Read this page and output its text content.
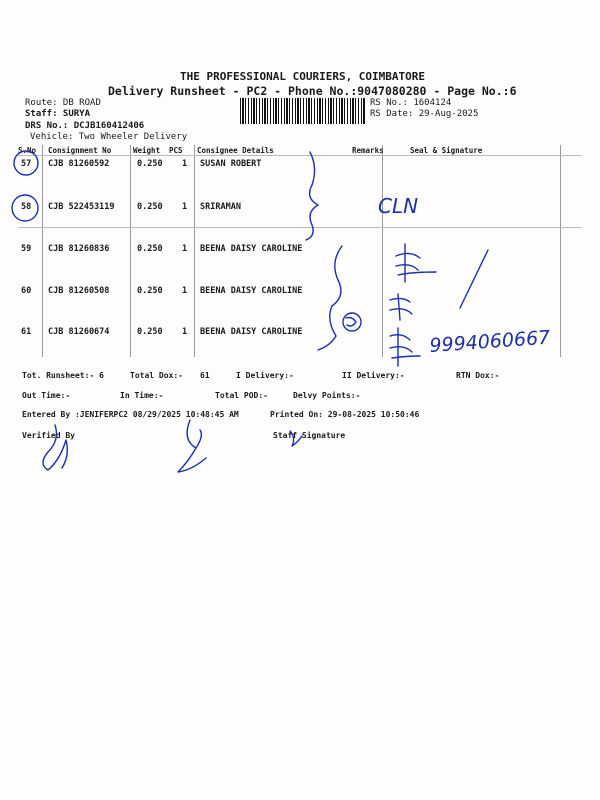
THE PROFESSIONAL COURIERS, COIMBATORE
Delivery Runsheet - PC2 - Phone No.:9047080280 - Page No.:6
Route: DB ROAD
Staff: SURYA
DRS No.: DCJB160412406
Vehicle: Two Wheeler Delivery
RS No.: 1604124
RS Date: 29-Aug-2025
S.No Consignment No	Weight PCS Consignee Details	Remarks	Seal & Signature
57 CJB 81260592	0.250 1 SUSAN ROBERT
58 CJB 522453119	0.250 1 SRIRAMAN
59 CJB 81260836	0.250 1 BEENA DAISY CAROLINE
60 CJB 81260508	0.250 1 BEENA DAISY CAROLINE
61 CJB 81260674	0.250 1 BEENA DAISY CAROLINE
Tot. Runsheet:- 6	Total Dox:- 61	I Delivery:-	II Delivery:-	RTN Dox:-
Out Time:-	In Time:-	Total POD:-	Delvy Points:-
Entered By :JENIFERPC2 08/29/2025 10:48:45 AM	Printed On: 29-08-2025 10:50:46
Verified By	Staff Signature
CLN
9994060667
